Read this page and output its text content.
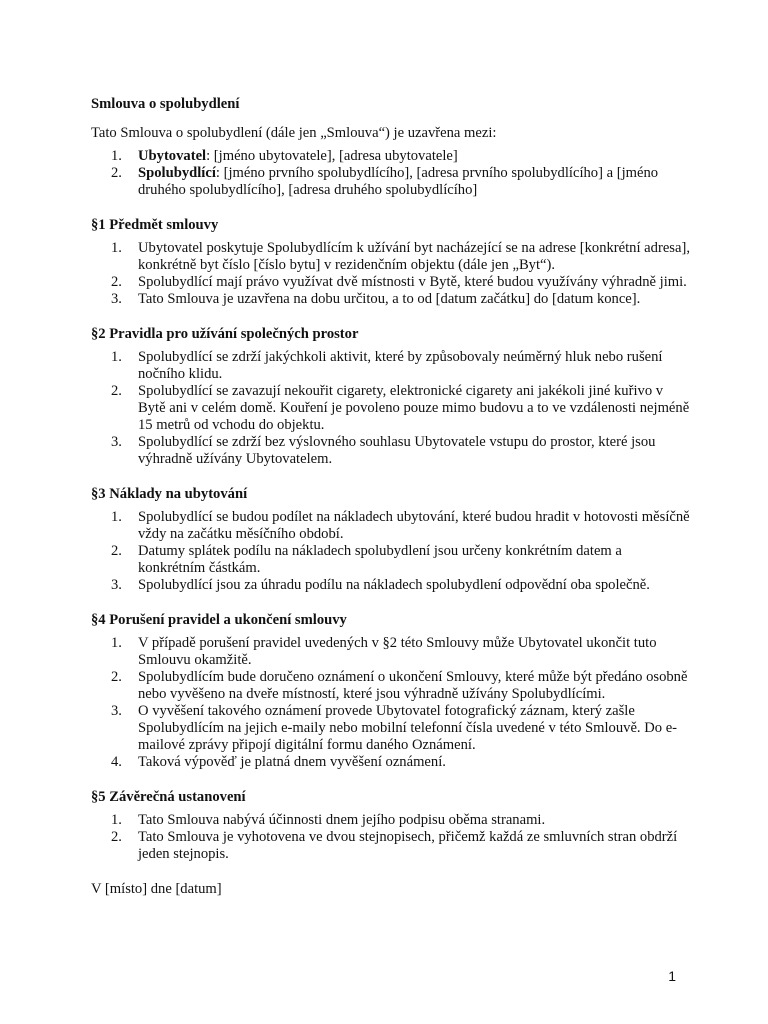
Smlouva o spolubydlení

Tato Smlouva o spolubydlení (dále jen „Smlouva“) je uzavřena mezi:

1. Ubytovatel: [jméno ubytovatele], [adresa ubytovatele]
2. Spolubydlící: [jméno prvního spolubydlícího], [adresa prvního spolubydlícího] a [jméno druhého spolubydlícího], [adresa druhého spolubydlícího]

§1 Předmět smlouvy

1. Ubytovatel poskytuje Spolubydlícím k užívání byt nacházející se na adrese [konkrétní adresa], konkrétně byt číslo [číslo bytu] v rezidenčním objektu (dále jen „Byt“).
2. Spolubydlící mají právo využívat dvě místnosti v Bytě, které budou využívány výhradně jimi.
3. Tato Smlouva je uzavřena na dobu určitou, a to od [datum začátku] do [datum konce].

§2 Pravidla pro užívání společných prostor

1. Spolubydlící se zdrží jakýchkoli aktivit, které by způsobovaly neúměrný hluk nebo rušení nočního klidu.
2. Spolubydlící se zavazují nekouřit cigarety, elektronické cigarety ani jakékoli jiné kuřivo v Bytě ani v celém domě. Kouření je povoleno pouze mimo budovu a to ve vzdálenosti nejméně 15 metrů od vchodu do objektu.
3. Spolubydlící se zdrží bez výslovného souhlasu Ubytovatele vstupu do prostor, které jsou výhradně užívány Ubytovatelem.

§3 Náklady na ubytování

1. Spolubydlící se budou podílet na nákladech ubytování, které budou hradit v hotovosti měsíčně vždy na začátku měsíčního období.
2. Datumy splátek podílu na nákladech spolubydlení jsou určeny konkrétním datem a konkrétním částkám.
3. Spolubydlící jsou za úhradu podílu na nákladech spolubydlení odpovědní oba společně.

§4 Porušení pravidel a ukončení smlouvy

1. V případě porušení pravidel uvedených v §2 této Smlouvy může Ubytovatel ukončit tuto Smlouvu okamžitě.
2. Spolubydlícím bude doručeno oznámení o ukončení Smlouvy, které může být předáno osobně nebo vyvěšeno na dveře místností, které jsou výhradně užívány Spolubydlícími.
3. O vyvěšení takového oznámení provede Ubytovatel fotografický záznam, který zašle Spolubydlícím na jejich e-maily nebo mobilní telefonní čísla uvedené v této Smlouvě. Do e-mailové zprávy připojí digitální formu daného Oznámení.
4. Taková výpověď je platná dnem vyvěšení oznámení.

§5 Závěrečná ustanovení

1. Tato Smlouva nabývá účinnosti dnem jejího podpisu oběma stranami.
2. Tato Smlouva je vyhotovena ve dvou stejnopisech, přičemž každá ze smluvních stran obdrží jeden stejnopis.

V [místo] dne [datum]

1
